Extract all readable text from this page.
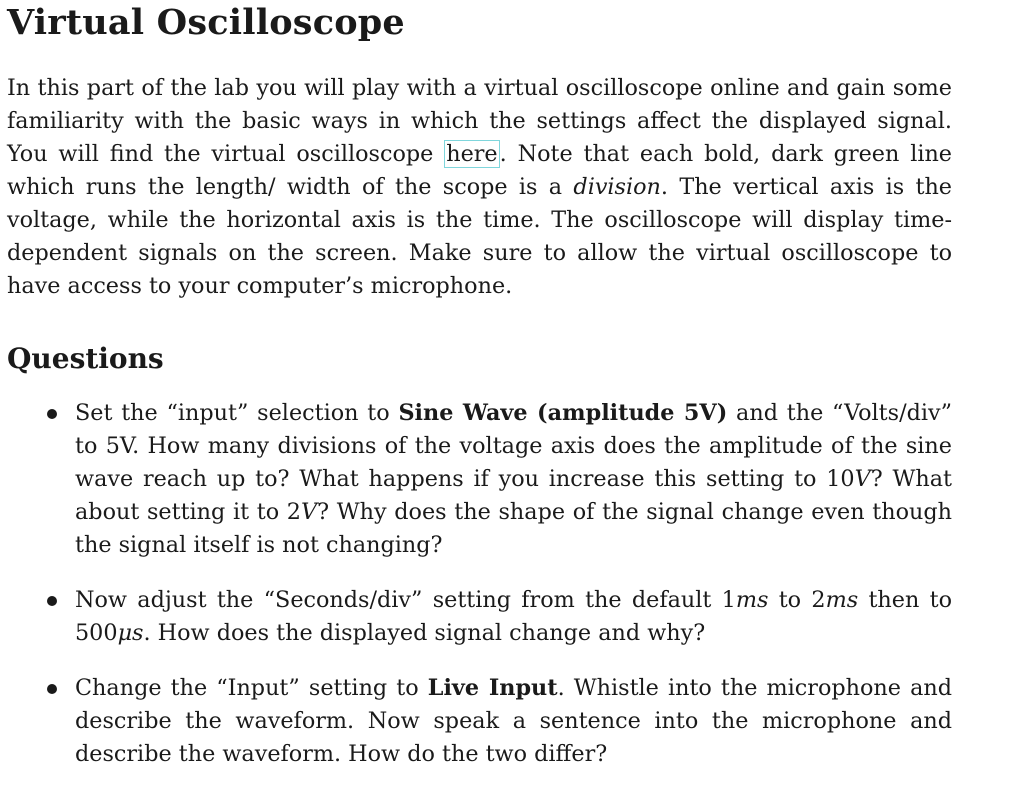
Virtual Oscilloscope

In this part of the lab you will play with a virtual oscilloscope online and gain some familiarity with the basic ways in which the settings affect the displayed signal. You will find the virtual oscilloscope here. Note that each bold, dark green line which runs the length/ width of the scope is a division. The vertical axis is the voltage, while the horizontal axis is the time. The oscilloscope will display time-dependent signals on the screen. Make sure to allow the virtual oscilloscope to have access to your computer’s microphone.

Questions
Set the “input” selection to Sine Wave (amplitude 5V) and the “Volts/div” to 5V. How many divisions of the voltage axis does the amplitude of the sine wave reach up to? What happens if you increase this setting to 10V? What about setting it to 2V? Why does the shape of the signal change even though the signal itself is not changing?
Now adjust the “Seconds/div” setting from the default 1ms to 2ms then to 500μs. How does the displayed signal change and why?
Change the “Input” setting to Live Input. Whistle into the microphone and describe the waveform. Now speak a sentence into the microphone and describe the waveform. How do the two differ?
